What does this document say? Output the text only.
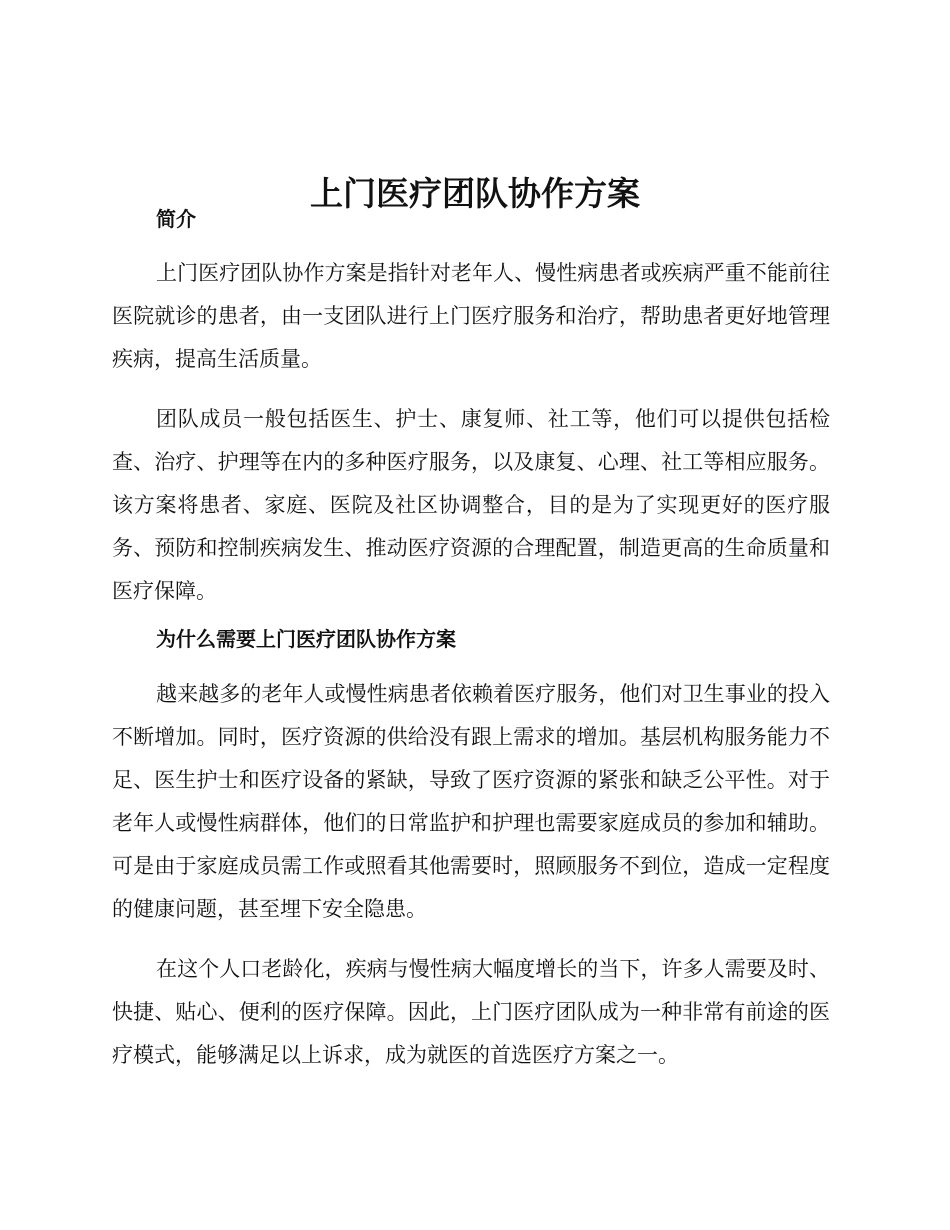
上门医疗团队协作方案
简介

上门医疗团队协作方案是指针对老年人、慢性病患者或疾病严重不能前往医院就诊的患者，由一支团队进行上门医疗服务和治疗，帮助患者更好地管理疾病，提高生活质量。

团队成员一般包括医生、护士、康复师、社工等，他们可以提供包括检查、治疗、护理等在内的多种医疗服务，以及康复、心理、社工等相应服务。该方案将患者、家庭、医院及社区协调整合，目的是为了实现更好的医疗服务、预防和控制疾病发生、推动医疗资源的合理配置，制造更高的生命质量和医疗保障。

为什么需要上门医疗团队协作方案

越来越多的老年人或慢性病患者依赖着医疗服务，他们对卫生事业的投入不断增加。同时，医疗资源的供给没有跟上需求的增加。基层机构服务能力不足、医生护士和医疗设备的紧缺，导致了医疗资源的紧张和缺乏公平性。对于老年人或慢性病群体，他们的日常监护和护理也需要家庭成员的参加和辅助。可是由于家庭成员需工作或照看其他需要时，照顾服务不到位，造成一定程度的健康问题，甚至埋下安全隐患。

在这个人口老龄化，疾病与慢性病大幅度增长的当下，许多人需要及时、快捷、贴心、便利的医疗保障。因此，上门医疗团队成为一种非常有前途的医疗模式，能够满足以上诉求，成为就医的首选医疗方案之一。
